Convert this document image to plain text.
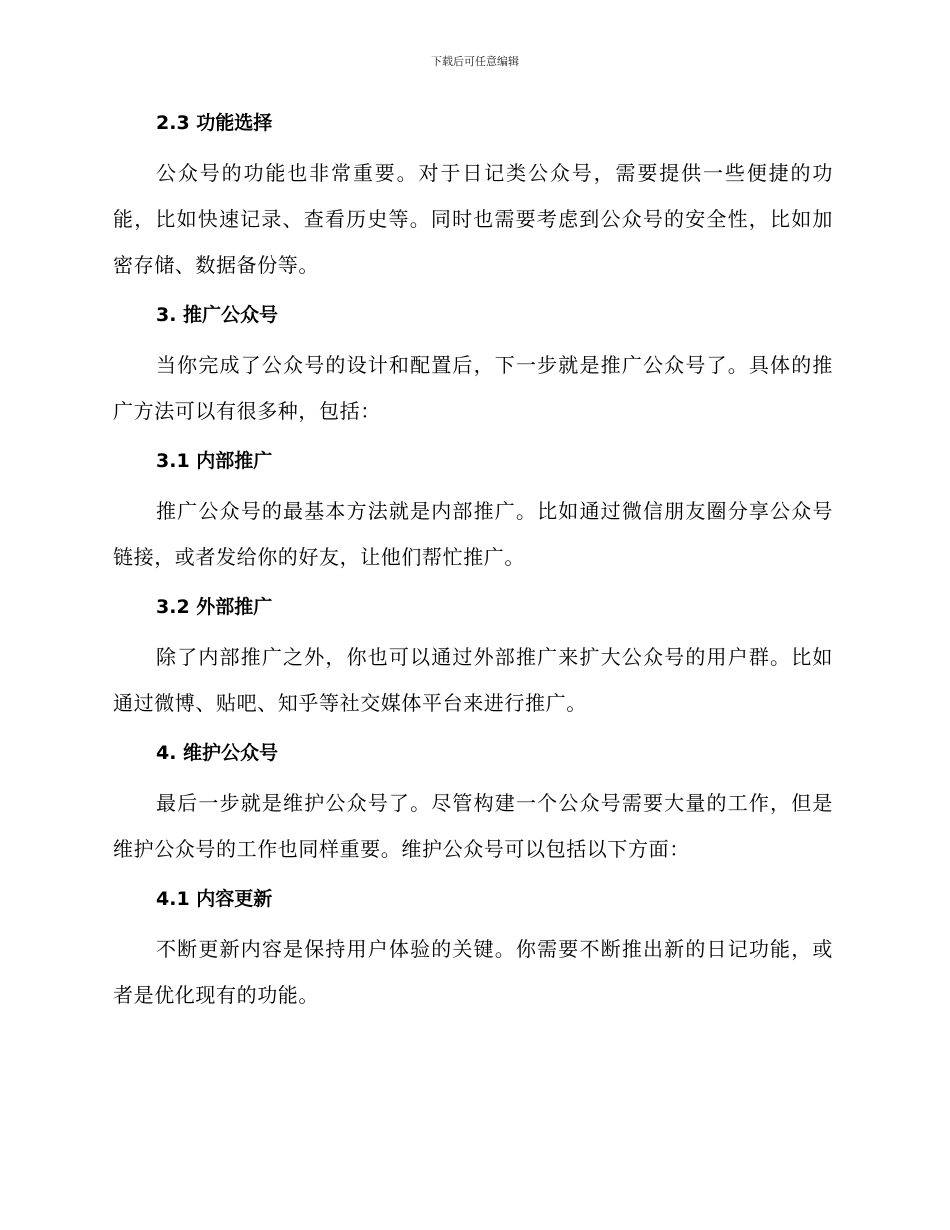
下载后可任意编辑
2.3 功能选择

公众号的功能也非常重要。对于日记类公众号，需要提供一些便捷的功能，比如快速记录、查看历史等。同时也需要考虑到公众号的安全性，比如加密存储、数据备份等。

3. 推广公众号

当你完成了公众号的设计和配置后，下一步就是推广公众号了。具体的推广方法可以有很多种，包括：

3.1 内部推广

推广公众号的最基本方法就是内部推广。比如通过微信朋友圈分享公众号链接，或者发给你的好友，让他们帮忙推广。

3.2 外部推广

除了内部推广之外，你也可以通过外部推广来扩大公众号的用户群。比如通过微博、贴吧、知乎等社交媒体平台来进行推广。

4. 维护公众号

最后一步就是维护公众号了。尽管构建一个公众号需要大量的工作，但是维护公众号的工作也同样重要。维护公众号可以包括以下方面：

4.1 内容更新

不断更新内容是保持用户体验的关键。你需要不断推出新的日记功能，或者是优化现有的功能。
